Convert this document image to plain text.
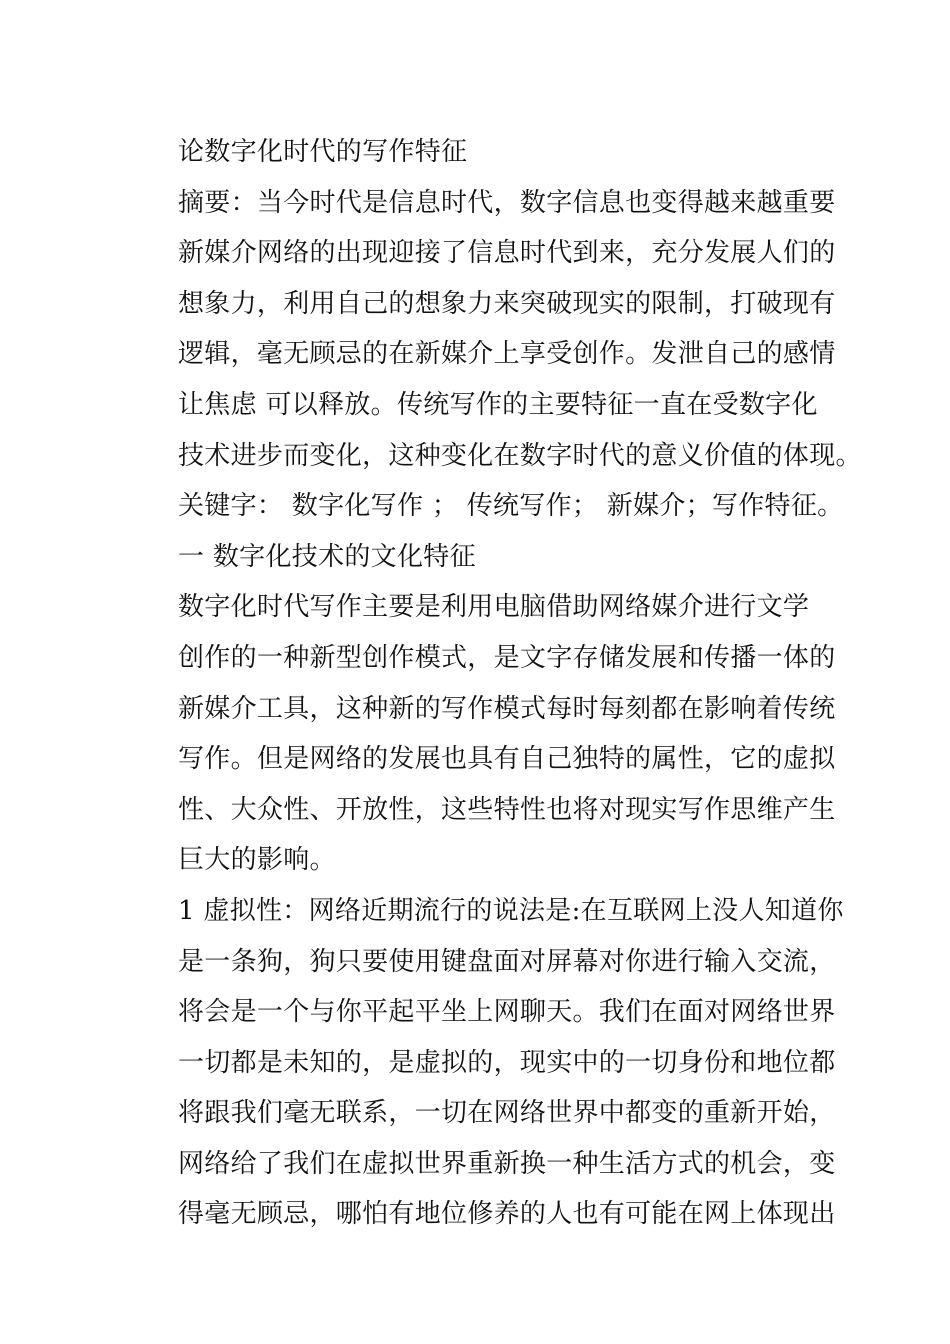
论数字化时代的写作特征
摘要：当今时代是信息时代，数字信息也变得越来越重要
新媒介网络的出现迎接了信息时代到来，充分发展人们的
想象力，利用自己的想象力来突破现实的限制，打破现有
逻辑，毫无顾忌的在新媒介上享受创作。发泄自己的感情
让焦虑 可以释放。传统写作的主要特征一直在受数字化
技术进步而变化，这种变化在数字时代的意义价值的体现。
关键字： 数字化写作 ； 传统写作； 新媒介；写作特征。
一 数字化技术的文化特征
数字化时代写作主要是利用电脑借助网络媒介进行文学
创作的一种新型创作模式，是文字存储发展和传播一体的
新媒介工具，这种新的写作模式每时每刻都在影响着传统
写作。但是网络的发展也具有自己独特的属性，它的虚拟
性、大众性、开放性，这些特性也将对现实写作思维产生
巨大的影响。
1 虚拟性：网络近期流行的说法是:在互联网上没人知道你
是一条狗，狗只要使用键盘面对屏幕对你进行输入交流，
将会是一个与你平起平坐上网聊天。我们在面对网络世界
一切都是未知的，是虚拟的，现实中的一切身份和地位都
将跟我们毫无联系，一切在网络世界中都变的重新开始，
网络给了我们在虚拟世界重新换一种生活方式的机会，变
得毫无顾忌，哪怕有地位修养的人也有可能在网上体现出
